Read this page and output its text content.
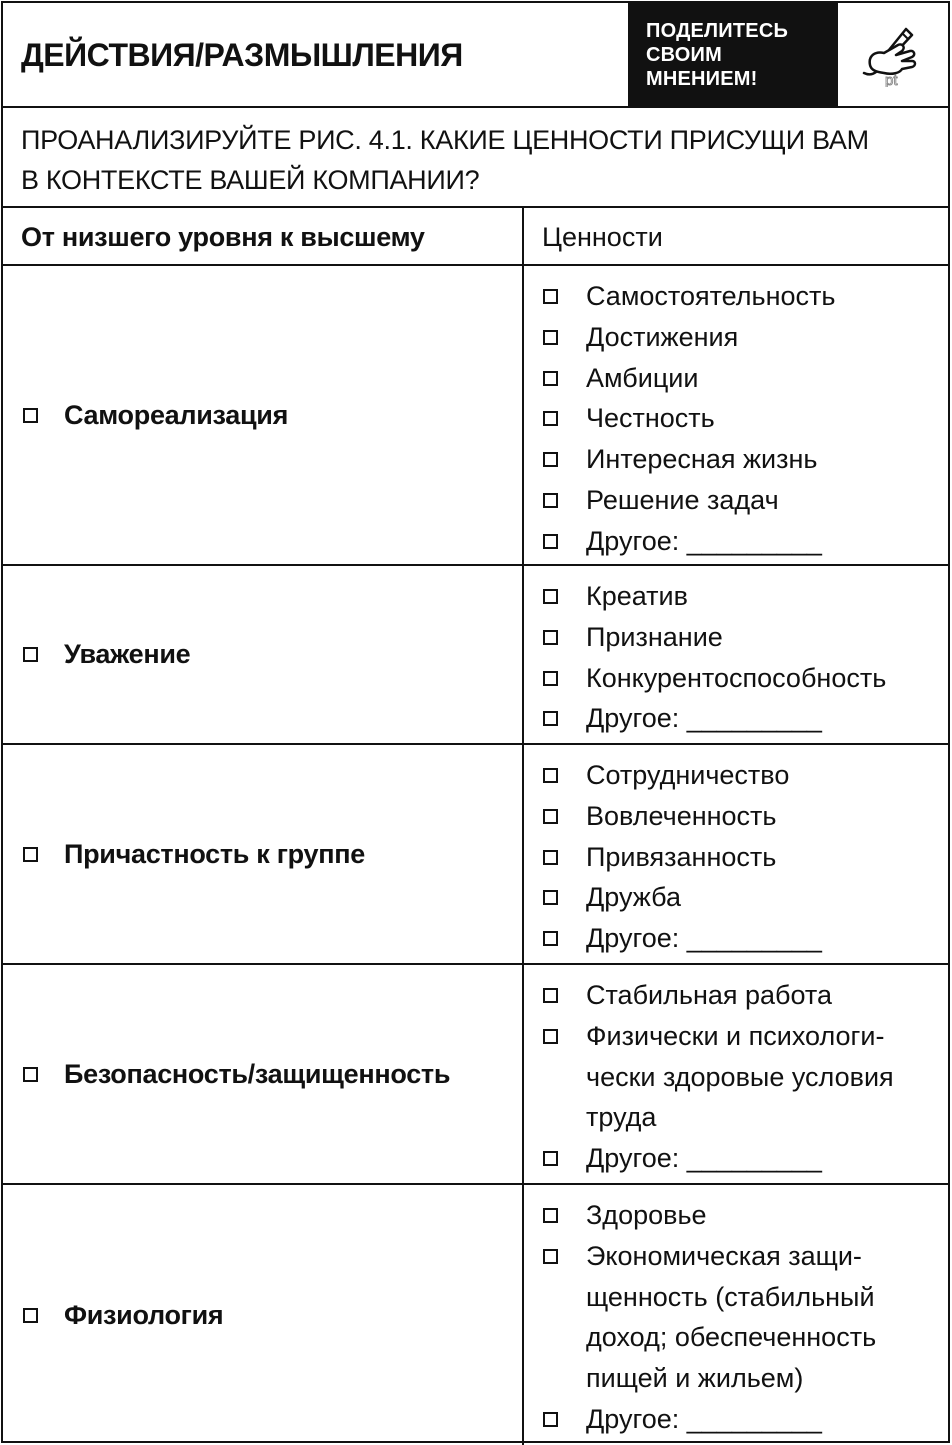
ДЕЙСТВИЯ/РАЗМЫШЛЕНИЯ
ПОДЕЛИТЕСЬ
СВОИМ
МНЕНИЕМ!	pt
ПРОАНАЛИЗИРУЙТЕ РИС. 4.1. КАКИЕ ЦЕННОСТИ ПРИСУЩИ ВАМ
В КОНТЕКСТЕ ВАШЕЙ КОМПАНИИ?
От низшего уровня к высшему	Ценности
Самореализация
Самостоятельность
Достижения
Амбиции
Честность
Интересная жизнь
Решение задач
Другое: _________
Уважение
Креатив
Признание
Конкурентоспособность
Другое: _________
Причастность к группе
Сотрудничество
Вовлеченность
Привязанность
Дружба
Другое: _________
Безопасность/защищенность
Стабильная работа
Физически и психологи-
чески здоровые условия
труда
Другое: _________
Физиология
Здоровье
Экономическая защи-
щенность (стабильный
доход; обеспеченность
пищей и жильем)
Другое: _________
